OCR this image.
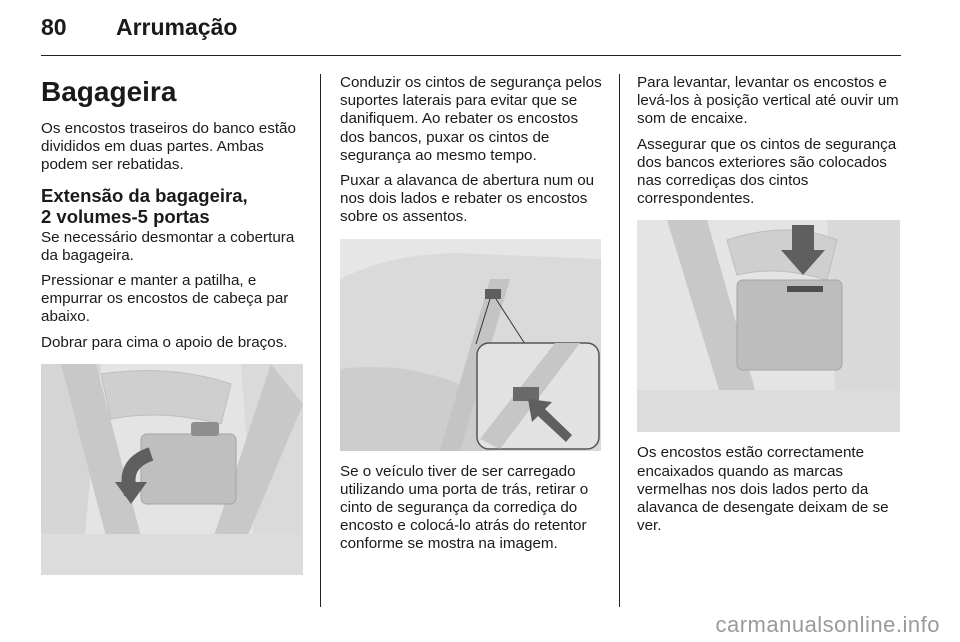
80 Arrumação
Bagageira

Os encostos traseiros do banco estão divididos em duas partes. Ambas podem ser rebatidas.

Extensão da bagageira,
2 volumes-5 portas

Se necessário desmontar a cobertura da bagageira.

Pressionar e manter a patilha, e empurrar os encostos de cabeça par abaixo.

Dobrar para cima o apoio de braços.

Conduzir os cintos de segurança pelos suportes laterais para evitar que se danifiquem. Ao rebater os encostos dos bancos, puxar os cintos de segurança ao mesmo tempo.

Puxar a alavanca de abertura num ou nos dois lados e rebater os encostos sobre os assentos.

Se o veículo tiver de ser carregado utilizando uma porta de trás, retirar o cinto de segurança da corrediça do encosto e colocá-lo atrás do retentor conforme se mostra na imagem.

Para levantar, levantar os encostos e levá-los à posição vertical até ouvir um som de encaixe.

Assegurar que os cintos de segurança dos bancos exteriores são colocados nas corrediças dos cintos correspondentes.

Os encostos estão correctamente encaixados quando as marcas vermelhas nos dois lados perto da alavanca de desengate deixam de se ver.

carmanualsonline.info
